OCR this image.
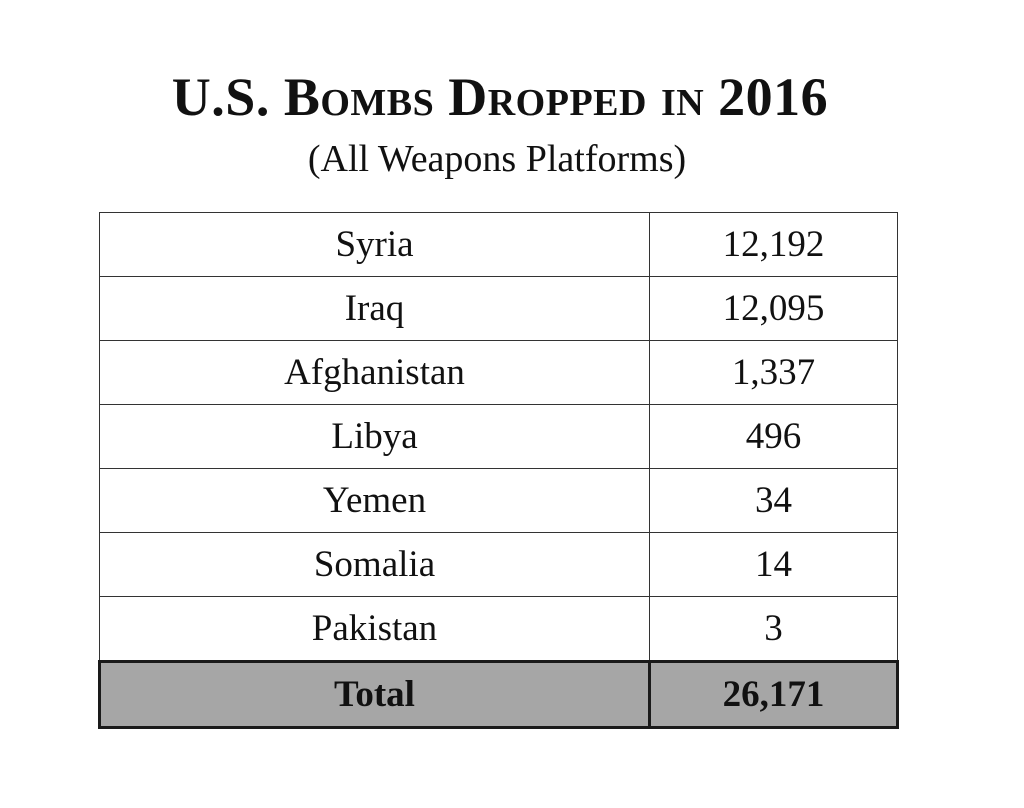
U.S. Bombs Dropped in 2016
(All Weapons Platforms)
Syria	12,192
Iraq	12,095
Afghanistan	1,337
Libya	496
Yemen	34
Somalia	14
Pakistan	3
Total	26,171
